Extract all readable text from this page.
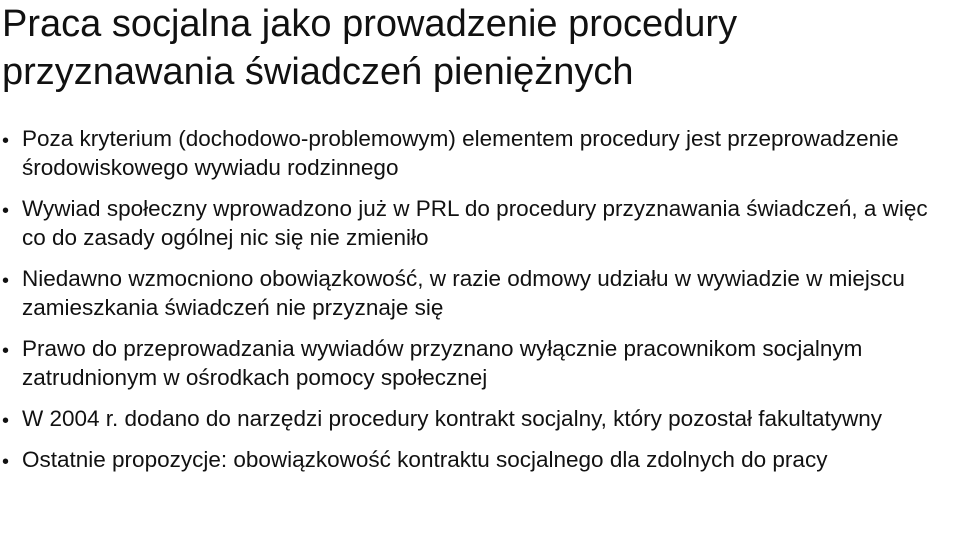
Praca socjalna jako prowadzenie procedury przyznawania świadczeń pieniężnych
• Poza kryterium (dochodowo-problemowym) elementem procedury jest przeprowadzenie środowiskowego wywiadu rodzinnego
• Wywiad społeczny wprowadzono już w PRL do procedury przyznawania świadczeń, a więc co do zasady ogólnej nic się nie zmieniło
• Niedawno wzmocniono obowiązkowość, w razie odmowy udziału w wywiadzie w miejscu zamieszkania świadczeń nie przyznaje się
• Prawo do przeprowadzania wywiadów przyznano wyłącznie pracownikom socjalnym zatrudnionym w ośrodkach pomocy społecznej
• W 2004 r. dodano do narzędzi procedury kontrakt socjalny, który pozostał fakultatywny
• Ostatnie propozycje: obowiązkowość kontraktu socjalnego dla zdolnych do pracy
